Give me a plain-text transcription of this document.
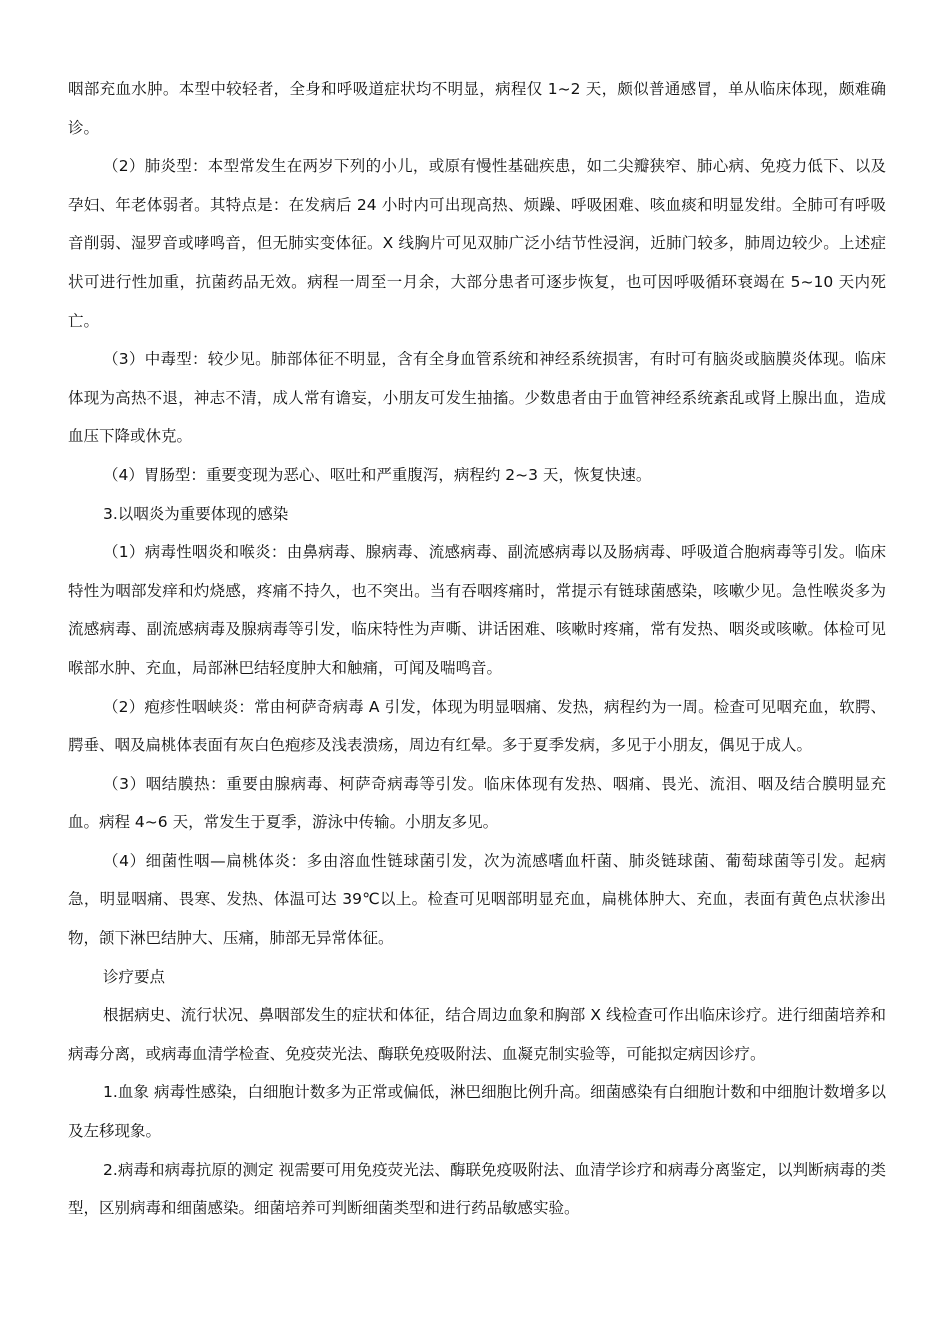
咽部充血水肿。本型中较轻者，全身和呼吸道症状均不明显，病程仅 1~2 天，颇似普通感冒，单从临床体现，颇难确诊。

（2）肺炎型：本型常发生在两岁下列的小儿，或原有慢性基础疾患，如二尖瓣狭窄、肺心病、免疫力低下、以及孕妇、年老体弱者。其特点是：在发病后 24 小时内可出现高热、烦躁、呼吸困难、咳血痰和明显发绀。全肺可有呼吸音削弱、湿罗音或哮鸣音，但无肺实变体征。X 线胸片可见双肺广泛小结节性浸润，近肺门较多，肺周边较少。上述症状可进行性加重，抗菌药品无效。病程一周至一月余，大部分患者可逐步恢复，也可因呼吸循环衰竭在 5~10 天内死亡。

（3）中毒型：较少见。肺部体征不明显，含有全身血管系统和神经系统损害，有时可有脑炎或脑膜炎体现。临床体现为高热不退，神志不清，成人常有谵妄，小朋友可发生抽搐。少数患者由于血管神经系统紊乱或肾上腺出血，造成血压下降或休克。

（4）胃肠型：重要变现为恶心、呕吐和严重腹泻，病程约 2~3 天，恢复快速。

3.以咽炎为重要体现的感染

（1）病毒性咽炎和喉炎：由鼻病毒、腺病毒、流感病毒、副流感病毒以及肠病毒、呼吸道合胞病毒等引发。临床特性为咽部发痒和灼烧感，疼痛不持久，也不突出。当有吞咽疼痛时，常提示有链球菌感染，咳嗽少见。急性喉炎多为流感病毒、副流感病毒及腺病毒等引发，临床特性为声嘶、讲话困难、咳嗽时疼痛，常有发热、咽炎或咳嗽。体检可见喉部水肿、充血，局部淋巴结轻度肿大和触痛，可闻及喘鸣音。

（2）疱疹性咽峡炎：常由柯萨奇病毒 A 引发，体现为明显咽痛、发热，病程约为一周。检查可见咽充血，软腭、腭垂、咽及扁桃体表面有灰白色疱疹及浅表溃疡，周边有红晕。多于夏季发病，多见于小朋友，偶见于成人。

（3）咽结膜热：重要由腺病毒、柯萨奇病毒等引发。临床体现有发热、咽痛、畏光、流泪、咽及结合膜明显充血。病程 4~6 天，常发生于夏季，游泳中传输。小朋友多见。

（4）细菌性咽—扁桃体炎：多由溶血性链球菌引发，次为流感嗜血杆菌、肺炎链球菌、葡萄球菌等引发。起病急，明显咽痛、畏寒、发热、体温可达 39℃以上。检查可见咽部明显充血，扁桃体肿大、充血，表面有黄色点状渗出物，颌下淋巴结肿大、压痛，肺部无异常体征。

诊疗要点

根据病史、流行状况、鼻咽部发生的症状和体征，结合周边血象和胸部 X 线检查可作出临床诊疗。进行细菌培养和病毒分离，或病毒血清学检查、免疫荧光法、酶联免疫吸附法、血凝克制实验等，可能拟定病因诊疗。

1.血象 病毒性感染，白细胞计数多为正常或偏低，淋巴细胞比例升高。细菌感染有白细胞计数和中细胞计数增多以及左移现象。

2.病毒和病毒抗原的测定 视需要可用免疫荧光法、酶联免疫吸附法、血清学诊疗和病毒分离鉴定，以判断病毒的类型，区别病毒和细菌感染。细菌培养可判断细菌类型和进行药品敏感实验。
